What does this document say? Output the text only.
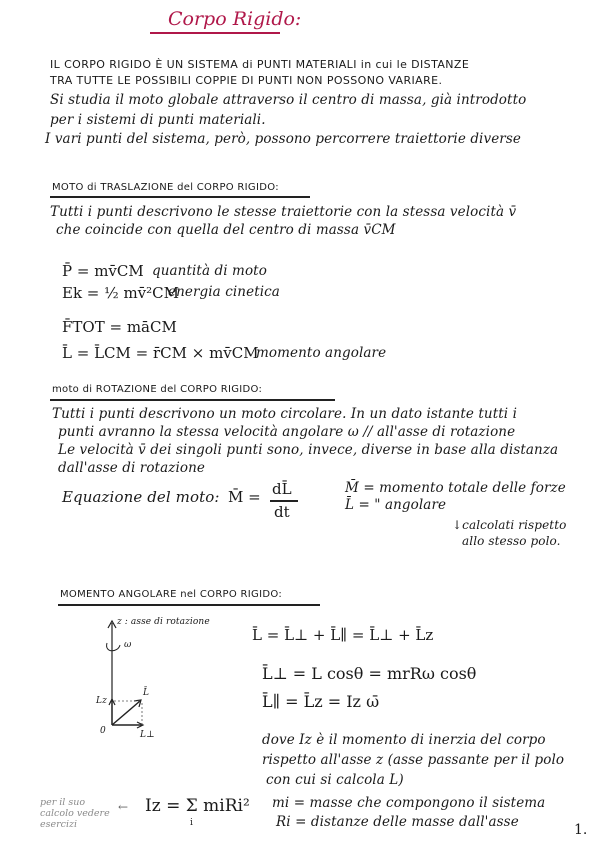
Corpo Rigido:
IL CORPO RIGIDO È UN SISTEMA di PUNTI MATERIALI in cui le DISTANZE
TRA TUTTE LE POSSIBILI COPPIE DI PUNTI NON POSSONO VARIARE.
Si studia il moto globale attraverso il centro di massa, già introdotto
per i sistemi di punti materiali.
I vari punti del sistema, però, possono percorrere traiettorie diverse
MOTO di TRASLAZIONE del CORPO RIGIDO:
Tutti i punti descrivono le stesse traiettorie con la stessa velocità v̄
che coincide con quella del centro di massa v̄CM
P̄ = mv̄CM quantità di moto
Ek = ½ mv̄²CM
energia cinetica
F̄TOT = māCM
L̄ = L̄CM = r̄CM × mv̄CM
momento angolare
moto di ROTAZIONE del CORPO RIGIDO:
Tutti i punti descrivono un moto circolare. In un dato istante tutti i
punti avranno la stessa velocità angolare ω // all'asse di rotazione
Le velocità v̄ dei singoli punti sono, invece, diverse in base alla distanza
dall'asse di rotazione
Equazione del moto: M̄ = dL̄
dt
M̄ = momento totale delle forze
L̄ = " angolare
↓calcolati rispetto
allo stesso polo.
MOMENTO ANGOLARE nel CORPO RIGIDO:
z : asse di rotazione
ω
Lz
L̄
0	L⊥
L̄ = L̄⊥ + L̄∥ = L̄⊥ + L̄z
L̄⊥ = L cosθ = mrRω cosθ
L̄∥ = L̄z = Iz ω̄
dove Iz è il momento di inerzia del corpo
rispetto all'asse z (asse passante per il polo
con cui si calcola L)
per il suo calcolo vedere esercizi
← Iz = Σ miRi²
i
mi = masse che compongono il sistema
Ri = distanze delle masse dall'asse	1.
